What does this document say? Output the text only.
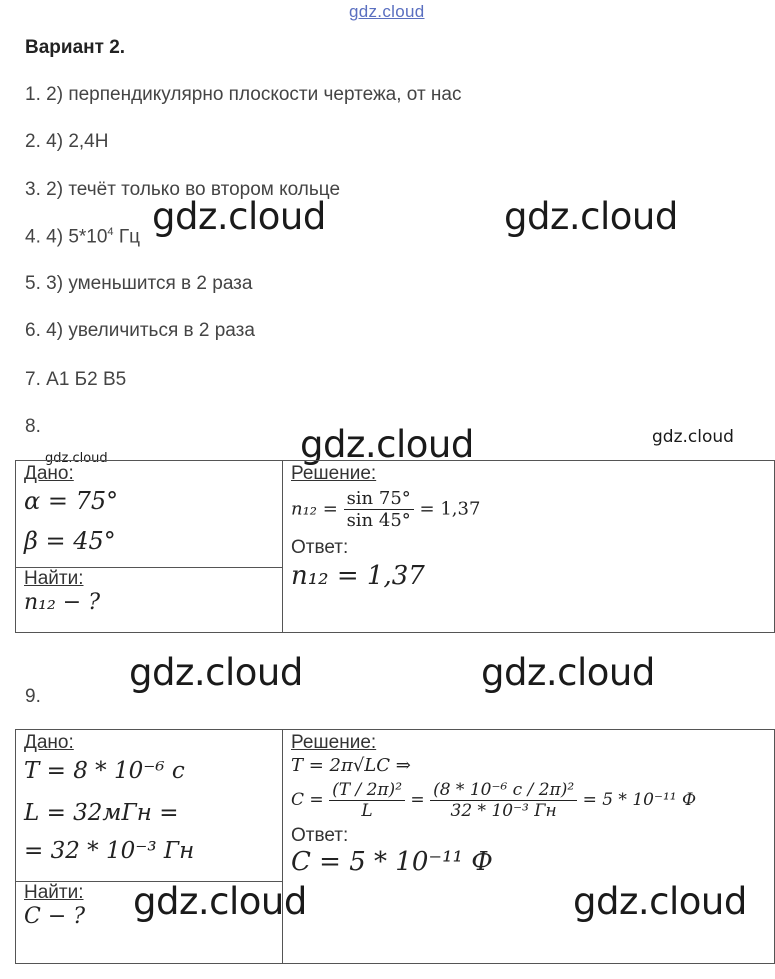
gdz.cloud
Вариант 2.
1. 2) перпендикулярно плоскости чертежа, от нас
2. 4) 2,4Н
3. 2) течёт только во втором кольце
4. 4) $5*10^4$ Гц
5. 3) уменьшится в 2 раза
6. 4) увеличиться в 2 раза
7. А1 Б2 В5
8.
gdz.cloud	gdz.cloud
gdz.cloud	gdz.cloud
gdz.cloud
gdz.cloud	gdz.cloud
Дано:
α = 75°
β = 45°

Решение:
$n_{12} = \frac{\sin 75^\circ}{\sin 45^\circ} = 1,37$
Ответ:
n₁₂ = 1,37

Найти:
n₁₂ − ?
9.
Дано:
T = 8 * 10⁻⁶ c
L = 32мГн =
= 32 * 10⁻³ Гн

Решение:
T = 2π√LC ⇒
$C = \frac{\text{(T / 2π)²}}{L} = \frac{\text{(8 * 10⁻⁶ c / 2π)²}}{\text{32 * 10⁻³ Гн}} = 5 * 10^{-11}$ Ф
Ответ:
C = 5 * 10⁻¹¹ Ф

Найти:
C − ?	gdz.cloud	gdz.cloud
